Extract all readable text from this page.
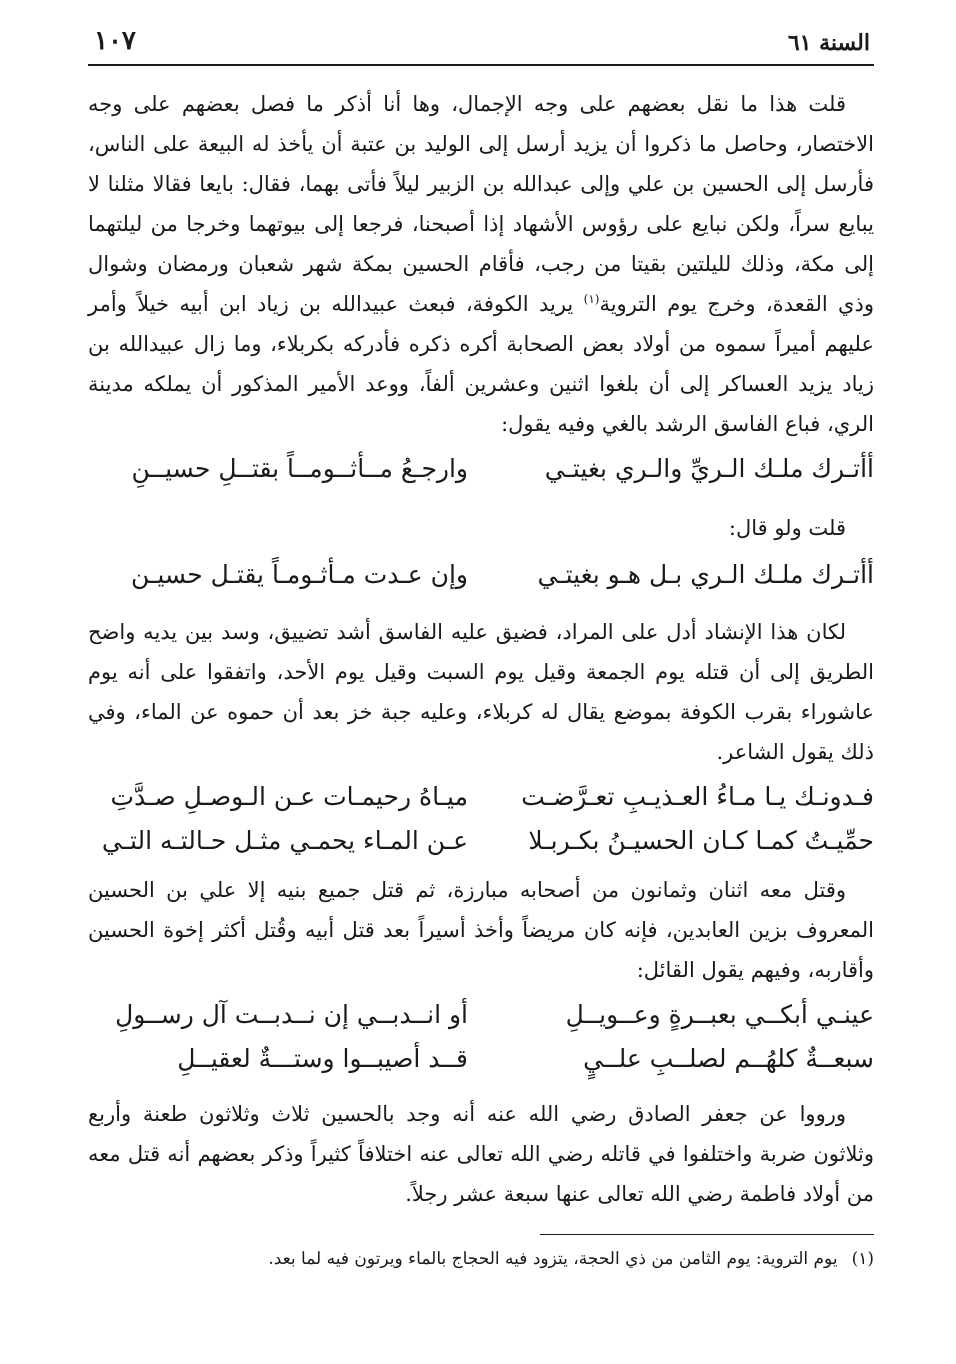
السنة ٦١
١٠٧

قلت هذا ما نقل بعضهم على وجه الإجمال، وها أنا أذكر ما فصل بعضهم على وجه الاختصار، وحاصل ما ذكروا أن يزيد أرسل إلى الوليد بن عتبة أن يأخذ له البيعة على الناس، فأرسل إلى الحسين بن علي وإلى عبدالله بن الزبير ليلاً فأتى بهما، فقال: بايعا فقالا مثلنا لا يبايع سراً، ولكن نبايع على رؤوس الأشهاد إذا أصبحنا، فرجعا إلى بيوتهما وخرجا من ليلتهما إلى مكة، وذلك لليلتين بقيتا من رجب، فأقام الحسين بمكة شهر شعبان ورمضان وشوال وذي القعدة، وخرج يوم التروية$^{(١)}$ يريد الكوفة، فبعث عبيدالله بن زياد ابن أبيه خيلاً وأمر عليهم أميراً سموه من أولاد بعض الصحابة أكره ذكره فأدركه بكربلاء، وما زال عبيدالله بن زياد يزيد العساكر إلى أن بلغوا اثنين وعشرين ألفاً، ووعد الأمير المذكور أن يملكه مدينة الري، فباع الفاسق الرشد بالغي وفيه يقول:

أأتـرك ملـك الـريِّ والـري بغيتـي
وارجـعُ مــأثــومــاً بقتــلِ حسيــنِ

قلت ولو قال:

أأتـرك ملـك الـري بـل هـو بغيتـي
وإن عـدت مـأثـومـاً يقتـل حسيـن

لكان هذا الإنشاد أدل على المراد، فضيق عليه الفاسق أشد تضييق، وسد بين يديه واضح الطريق إلى أن قتله يوم الجمعة وقيل يوم السبت وقيل يوم الأحد، واتفقوا على أنه يوم عاشوراء بقرب الكوفة بموضع يقال له كربلاء، وعليه جبة خز بعد أن حموه عن الماء، وفي ذلك يقول الشاعر.

فـدونـك يـا مـاءُ العـذيـبِ تعـرَّضـت
ميـاهُ رحيمـات عـن الـوصـلِ صـدَّتِ
حمِّيـتُ كمـا كـان الحسيـنُ بكـربـلا
عـن المـاء يحمـي مثـل حـالتـه التـي

وقتل معه اثنان وثمانون من أصحابه مبارزة، ثم قتل جميع بنيه إلا علي بن الحسين المعروف بزين العابدين، فإنه كان مريضاً وأخذ أسيراً بعد قتل أبيه وقُتل أكثر إخوة الحسين وأقاربه، وفيهم يقول القائل:

عينـي أبكــي بعبــرةٍ وعــويــلِ
أو انــدبــي إن نــدبــت آل رســولِ
سبعــةٌ كلهُــم لصلــبِ علــيٍ
قــد أصيبــوا وستـــةٌ لعقيــلِ

ورووا عن جعفر الصادق رضي الله عنه أنه وجد بالحسين ثلاث وثلاثون طعنة وأربع وثلاثون ضربة واختلفوا في قاتله رضي الله تعالى عنه اختلافاً كثيراً وذكر بعضهم أنه قتل معه من أولاد فاطمة رضي الله تعالى عنها سبعة عشر رجلاً.

(١)يوم التروية: يوم الثامن من ذي الحجة، يتزود فيه الحجاج بالماء ويرتون فيه لما بعد.
